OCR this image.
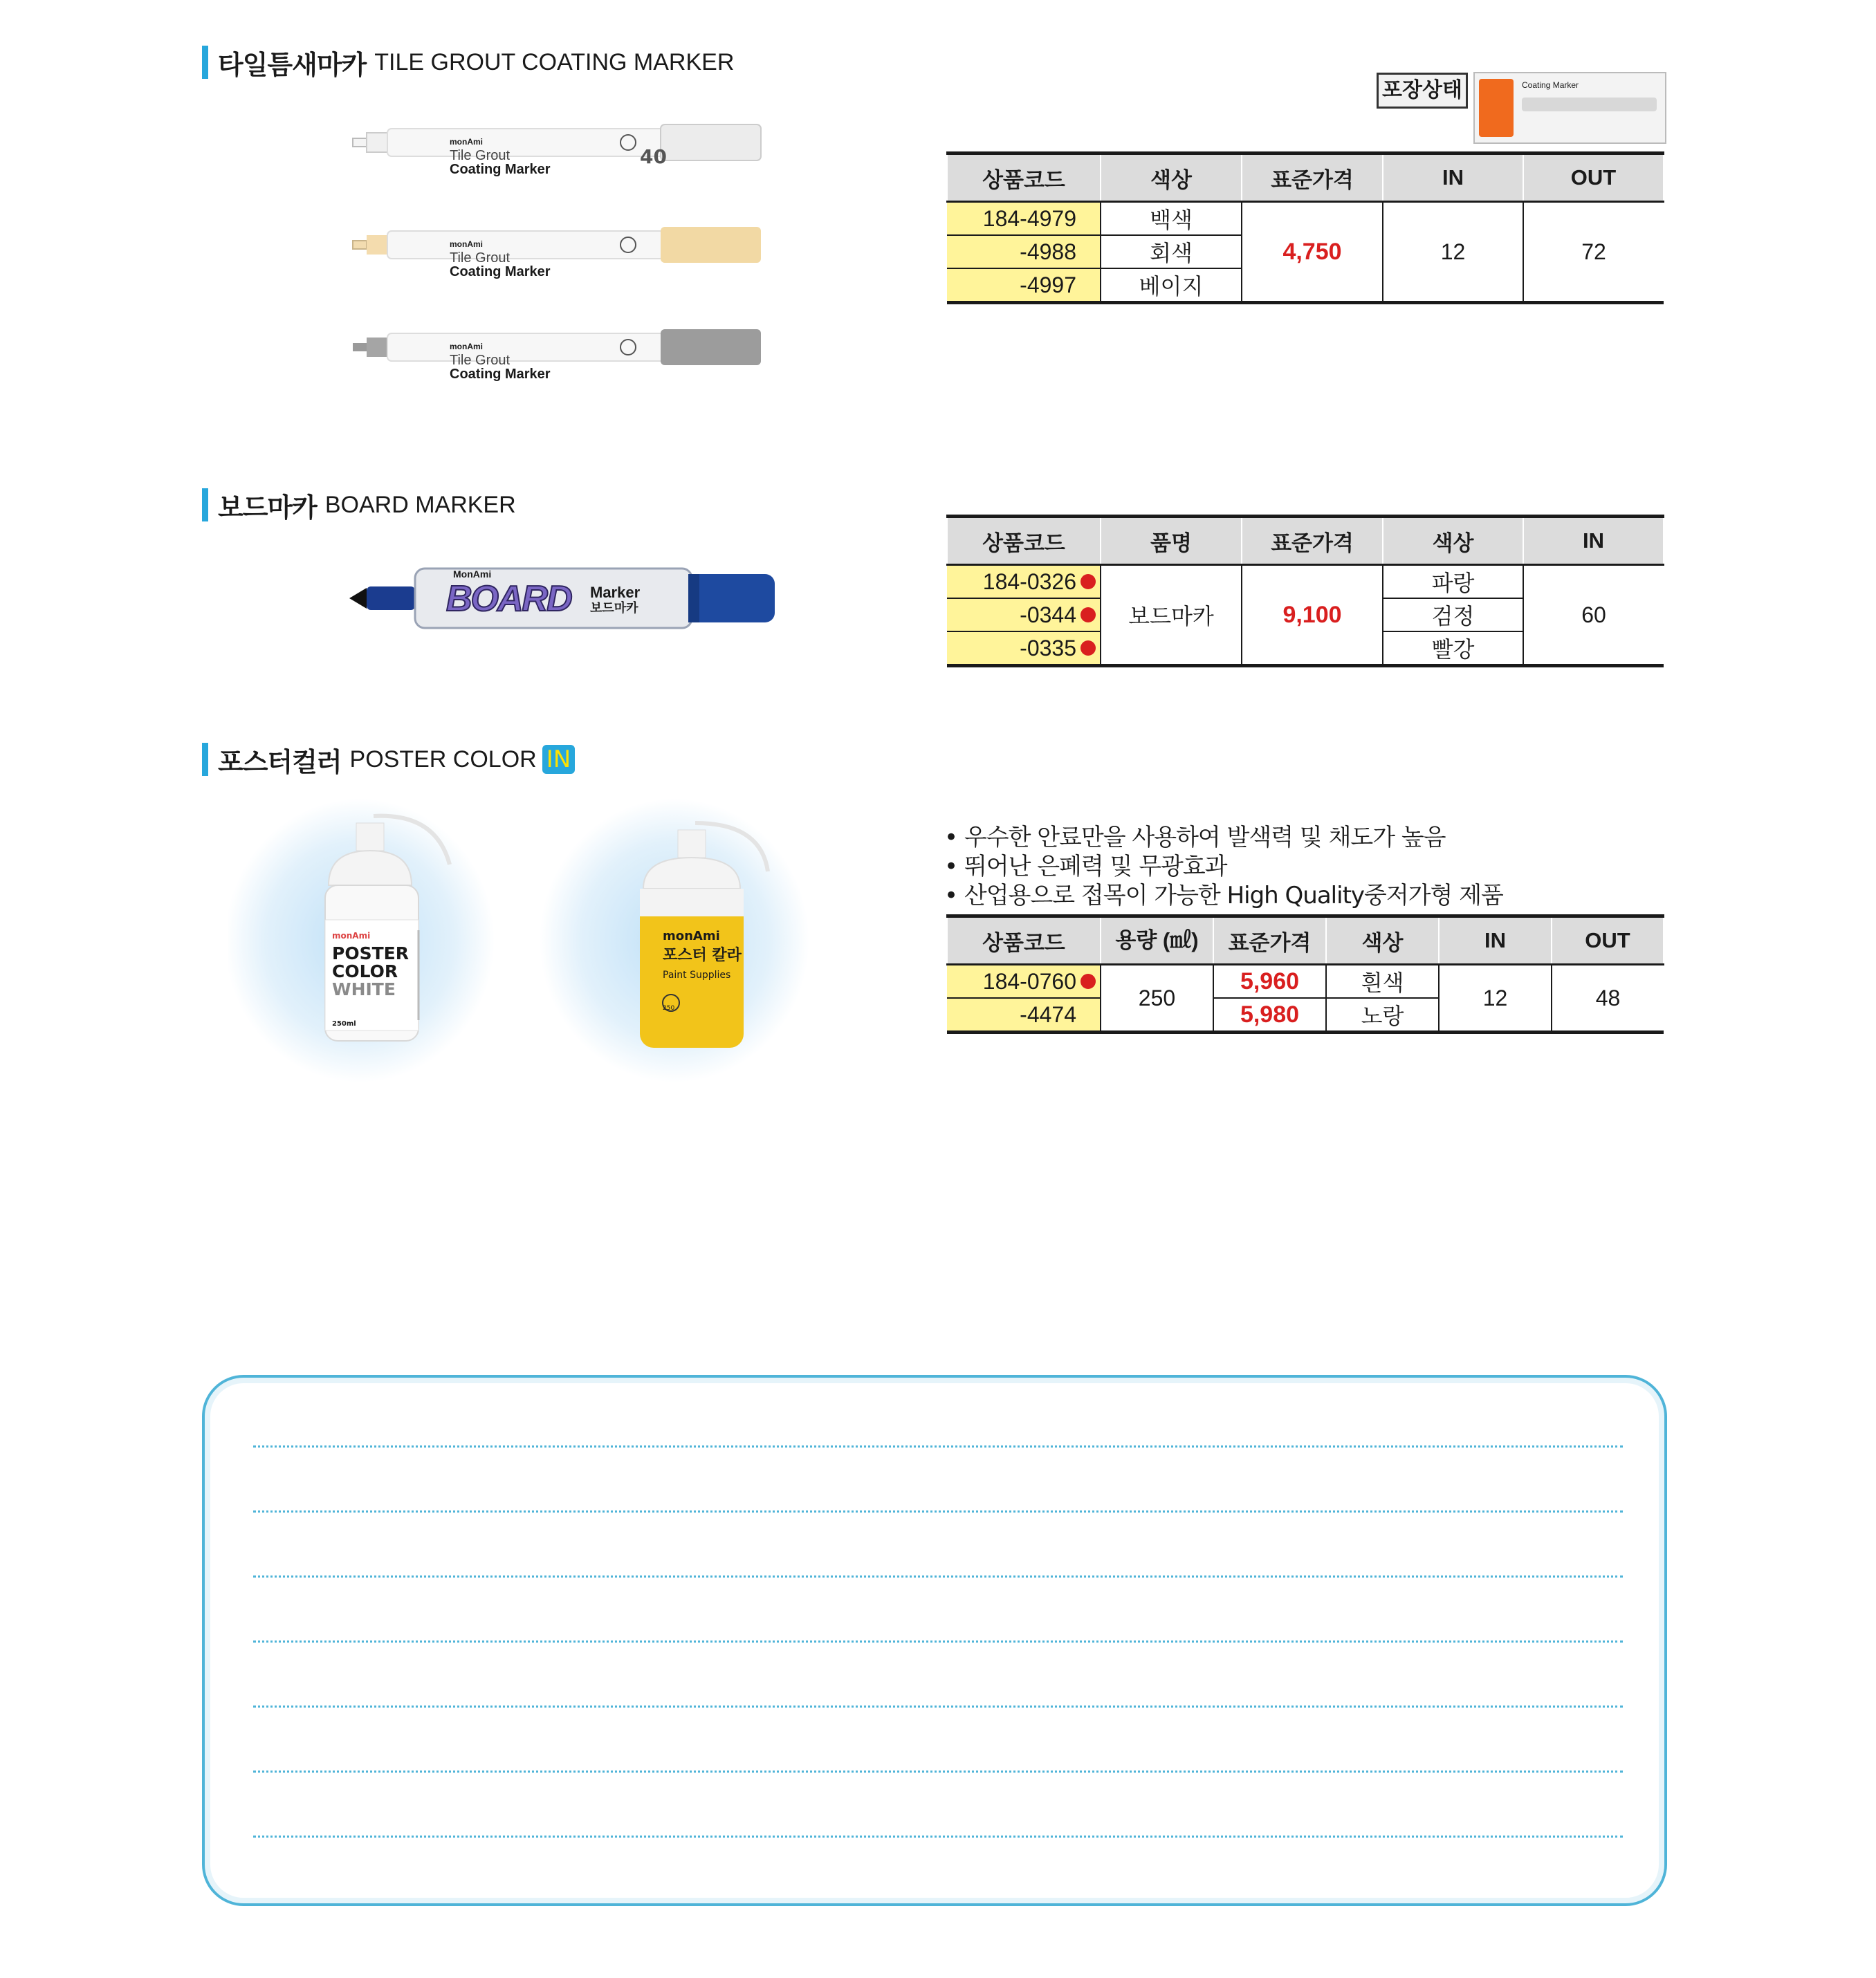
타일틈새마카 TILE GROUT COATING MARKER
monAmi
Tile Grout
Coating Marker
monAmi
Tile Grout
Coating Marker
monAmi
Tile Grout
Coating Marker
40
포장상태	Coating Marker
상품코드	색상	표준가격	IN	OUT
184-4979	백색	4,750	12	72
-4988	회색			
-4997	베이지			
보드마카 BOARD MARKER
MonAmi
BOARD Marker
보드마카
상품코드	품명	표준가격	색상	IN
184-0326	보드마카	9,100	파랑	60
-0344			검정	
-0335			빨강	
포스터컬러 POSTER COLOR IN
monAmi
POSTER
COLOR
WHITE
250ml
monAmi
포스터 칼라
Paint Supplies
250
• 우수한 안료만을 사용하여 발색력 및 채도가 높음
• 뛰어난 은폐력 및 무광효과
• 산업용으로 접목이 가능한 High Quality중저가형 제품
상품코드	용량 (㎖)	표준가격	색상	IN	OUT
184-0760	250	5,960	흰색	12	48
-4474		5,980	노랑		
